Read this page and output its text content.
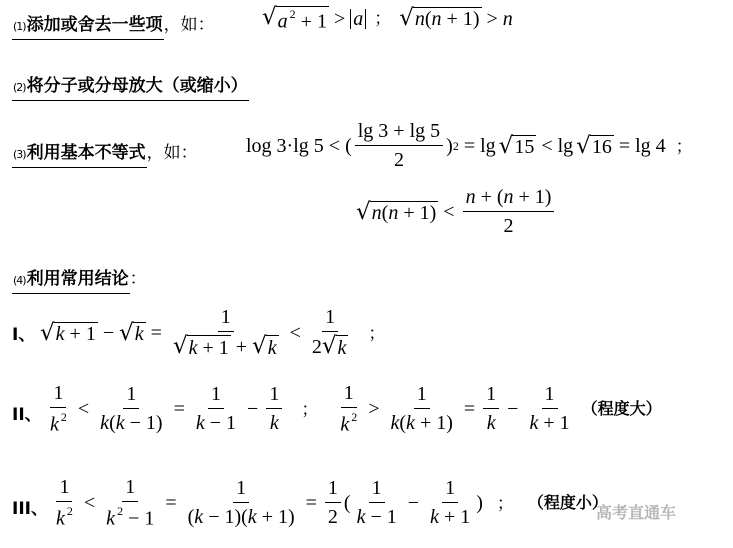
(1)添加或舍去一些项，如： √ a $^2$ + 1 > a ； √ n(n + 1) > n
(2)将分子或分母放大（或缩小）
(3)利用基本不等式，如： log 3·lg 5 < ( $\frac{\lg 3 + \lg 5}{2}$ ) 2 = lg √ 15 < lg √ 16 = lg 4 ；
√ $n(n + 1) < \frac{n + (n + 1)}{2}$
(4)利用常用结论：
I、 √ k + 1 − √ $k = \frac{1}{√ k + 1 + √ k} < \frac{1}{2 √ k}$ ；
II、 $\frac{1}{k ^2} < \frac{1}{k(k - 1)} = \frac{1}{k - 1} - \frac{1}{k}$ ； $\frac{1}{k ^2} > \frac{1}{k(k + 1)} = \frac{1}{k} - \frac{1}{k + 1}$ （程度大）
III、 $\frac{1}{k ^2} < \frac{1}{k ^2 - 1} = \frac{1}{(k - 1)(k + 1)} = \frac{1}{2}$ ( $\frac{1}{k - 1} - \frac{1}{k + 1}$ ) ； （程度小）
高考直通车
